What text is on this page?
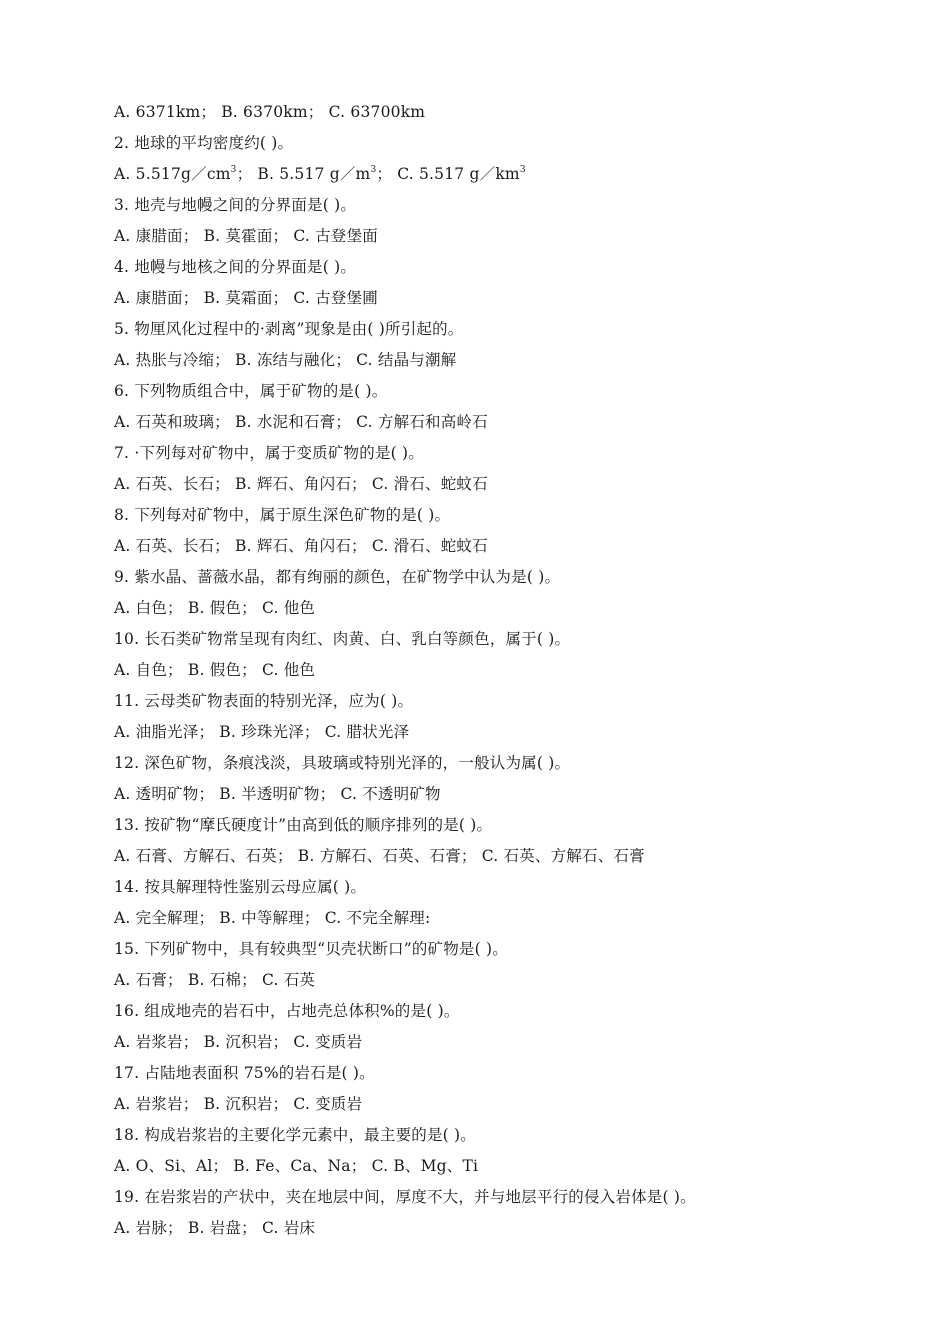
A. 6371km； B. 6370km； C. 63700km
2. 地球的平均密度约( )。
A. $5.517g/cm^3$； B. 5.517 $g/m^3$； C. 5.517 $g/km^3$
3. 地壳与地幔之间的分界面是( )。
A. 康腊面； B. 莫霍面； C. 古登堡面
4. 地幔与地核之间的分界面是( )。
A. 康腊面； B. 莫霜面； C. 古登堡圃
5. 物厘风化过程中的·剥离”现象是由( )所引起的。
A. 热胀与冷缩； B. 冻结与融化； C. 结晶与潮解
6. 下列物质组合中，属于矿物的是( )。
A. 石英和玻璃； B. 水泥和石膏； C. 方解石和高岭石
7. ·下列每对矿物中，属于变质矿物的是( )。
A. 石英、长石； B. 辉石、角闪石； C. 滑石、蛇蚊石
8. 下列每对矿物中，属于原生深色矿物的是( )。
A. 石英、长石； B. 辉石、角闪石； C. 滑石、蛇蚊石
9. 紫水晶、蔷薇水晶，都有绚丽的颜色，在矿物学中认为是( )。
A. 白色； B. 假色； C. 他色
10. 长石类矿物常呈现有肉红、肉黄、白、乳白等颜色，属于( )。
A. 自色； B. 假色； C. 他色
11. 云母类矿物表面的特别光泽，应为( )。
A. 油脂光泽； B. 珍珠光泽； C. 腊状光泽
12. 深色矿物，条痕浅淡，具玻璃或特别光泽的，一般认为属( )。
A. 透明矿物； B. 半透明矿物； C. 不透明矿物
13. 按矿物“摩氏硬度计”由高到低的顺序排列的是( )。
A. 石膏、方解石、石英； B. 方解石、石英、石膏； C. 石英、方解石、石膏
14. 按具解理特性鉴别云母应属( )。
A. 完全解理； B. 中等解理； C. 不完全解理:
15. 下列矿物中，具有较典型“贝壳状断口”的矿物是( )。
A. 石膏； B. 石棉； C. 石英
16. 组成地壳的岩石中，占地壳总体积%的是( )。
A. 岩浆岩； B. 沉积岩； C. 变质岩
17. 占陆地表面积 75%的岩石是( )。
A. 岩浆岩； B. 沉积岩； C. 变质岩
18. 构成岩浆岩的主要化学元素中，最主要的是( )。
A. O、Si、Al； B. Fe、Ca、Na； C. B、Mg、Ti
19. 在岩浆岩的产状中，夹在地层中间，厚度不大，并与地层平行的侵入岩体是( )。
A. 岩脉； B. 岩盘； C. 岩床
